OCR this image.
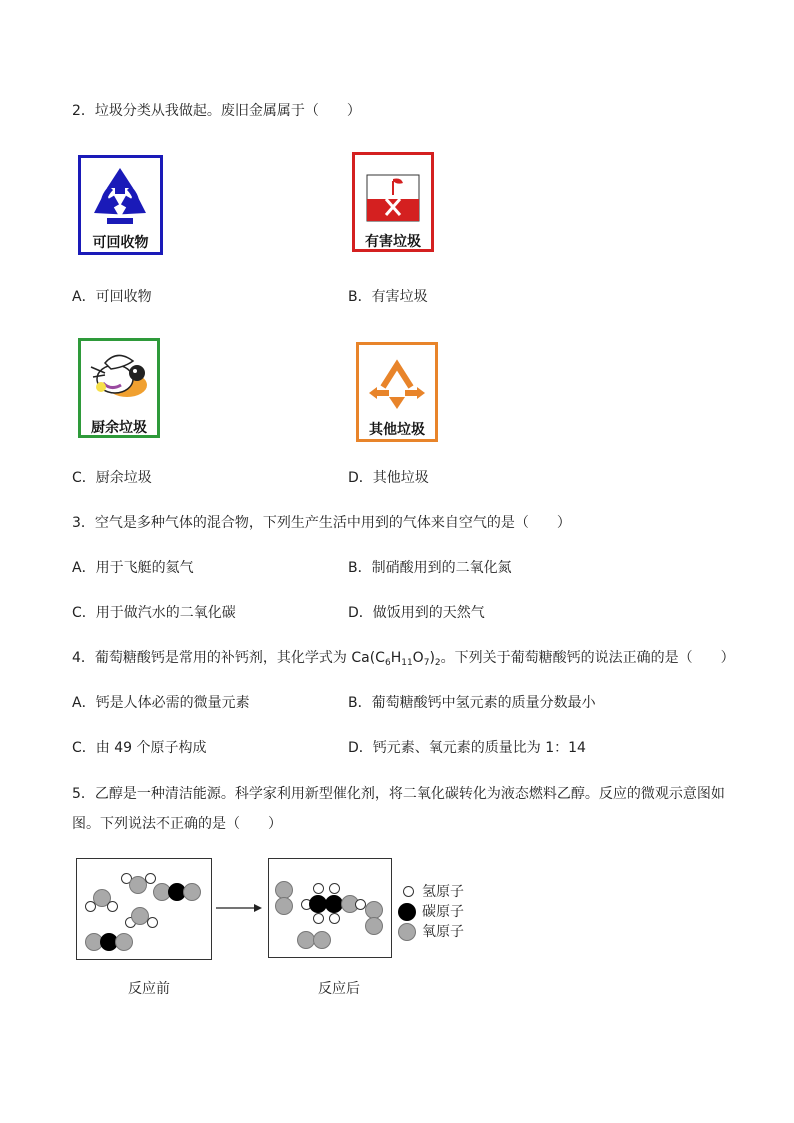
2．垃圾分类从我做起。废旧金属属于（　　）
可回收物	有害垃圾
A．可回收物	B．有害垃圾
厨余垃圾	其他垃圾
C．厨余垃圾	D．其他垃圾
3．空气是多种气体的混合物，下列生产生活中用到的气体来自空气的是（　　）
A．用于飞艇的氦气	B．制硝酸用到的二氧化氮
C．用于做汽水的二氧化碳	D．做饭用到的天然气
4．葡萄糖酸钙是常用的补钙剂，其化学式为 $Ca(C_6H_{11}O_7)_2$。下列关于葡萄糖酸钙的说法正确的是（　　）
A．钙是人体必需的微量元素	B．葡萄糖酸钙中氢元素的质量分数最小
C．由 49 个原子构成	D．钙元素、氧元素的质量比为 1：14
5．乙醇是一种清洁能源。科学家利用新型催化剂，将二氧化碳转化为液态燃料乙醇。反应的微观示意图如
图。下列说法不正确的是（　　）
氢原子
碳原子
氧原子
反应前	反应后
